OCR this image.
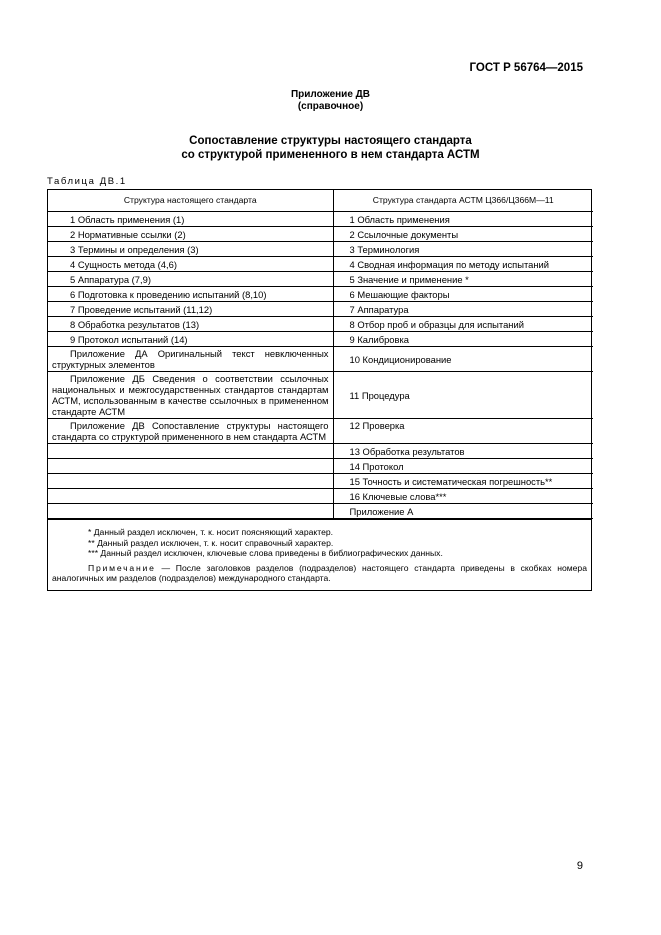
ГОСТ Р 56764—2015
Приложение ДВ
(справочное)
Сопоставление структуры настоящего стандарта
со структурой примененного в нем стандарта АСТМ
Таблица ДВ.1
Структура настоящего стандарта	Структура стандарта АСТМ Ц366/Ц366М—11
1 Область применения (1)	1 Область применения
2 Нормативные ссылки (2)	2 Ссылочные документы
3 Термины и определения (3)	3 Терминология
4 Сущность метода (4,6)	4 Сводная информация по методу испытаний
5 Аппаратура (7,9)	5 Значение и применение *
6 Подготовка к проведению испытаний (8,10)	6 Мешающие факторы
7 Проведение испытаний (11,12)	7 Аппаратура
8 Обработка результатов (13)	8 Отбор проб и образцы для испытаний
9 Протокол испытаний (14)	9 Калибровка
Приложение ДА Оригинальный текст невключенных структурных элементов	10 Кондиционирование
Приложение ДБ Сведения о соответствии ссылочных национальных и межгосударственных стандартов стандартам АСТМ, использованным в качестве ссылочных в примененном стандарте АСТМ	11 Процедура
Приложение ДВ Сопоставление структуры настоящего стандарта со структурой примененного в нем стандарта АСТМ	12 Проверка
	13 Обработка результатов
	14 Протокол
	15 Точность и систематическая погрешность**
	16 Ключевые слова***
	Приложение А
* Данный раздел исключен, т. к. носит поясняющий характер.
** Данный раздел исключен, т. к. носит справочный характер.
*** Данный раздел исключен, ключевые слова приведены в библиографических данных.
Примечание — После заголовков разделов (подразделов) настоящего стандарта приведены в скобках номера аналогичных им разделов (подразделов) международного стандарта.
9
